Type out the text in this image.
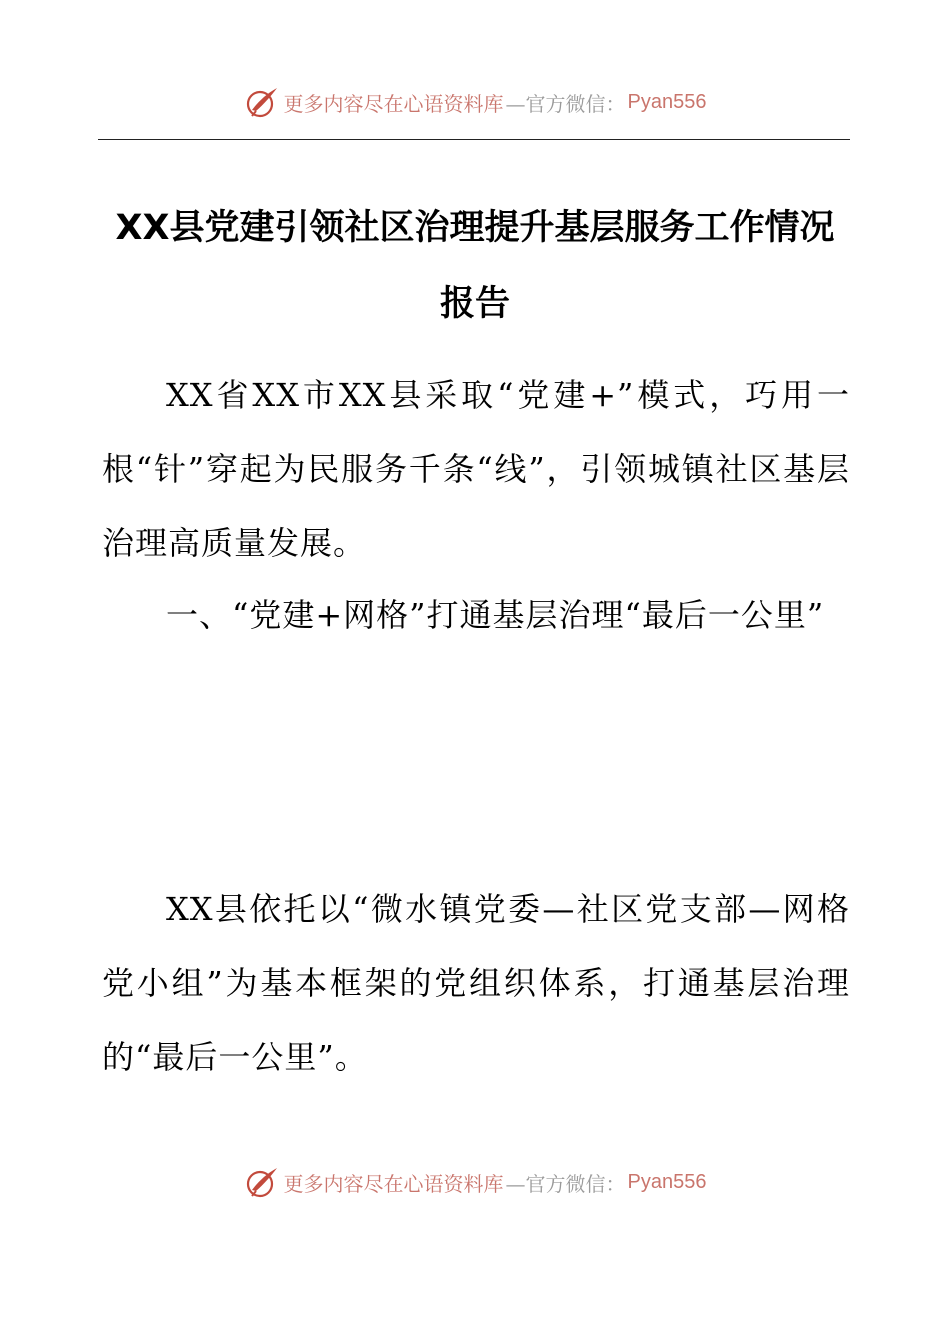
更多内容尽在心语资料库 —官方微信： Pyan556
XX县党建引领社区治理提升基层服务工作情况报告

XX省XX市XX县采取“党建+”模式，巧用一根“针”穿起为民服务千条“线”，引领城镇社区基层治理高质量发展。

一、“党建+网格”打通基层治理“最后一公里”

XX县依托以“微水镇党委—社区党支部—网格党小组”为基本框架的党组织体系，打通基层治理的“最后一公里”。

更多内容尽在心语资料库 —官方微信： Pyan556
